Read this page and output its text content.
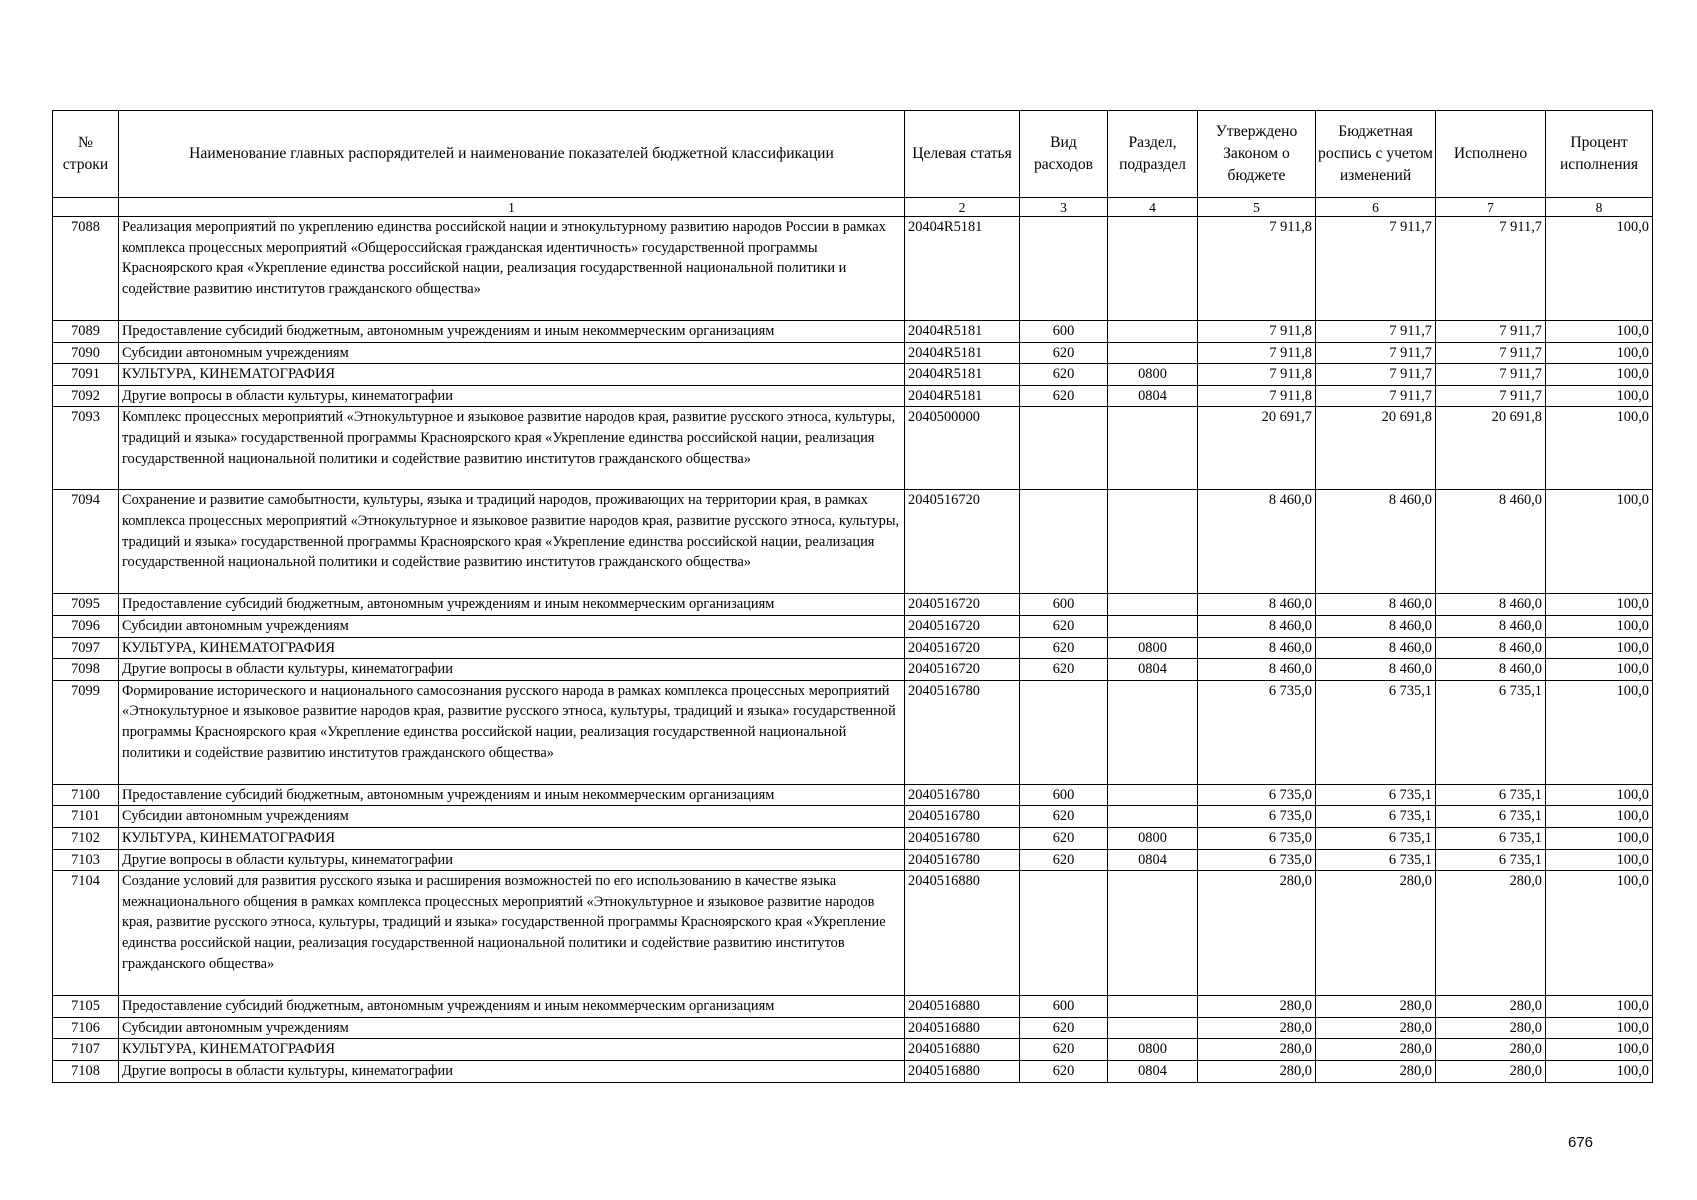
№ строки	Наименование главных распорядителей и наименование показателей бюджетной классификации	Целевая статья	Вид расходов	Раздел, подраздел	Утверждено Законом о бюджете	Бюджетная роспись с учетом изменений	Исполнено	Процент исполнения
	1	2	3	4	5	6	7	8
7088	Реализация мероприятий по укреплению единства российской нации и этнокультурному развитию народов России в рамках комплекса процессных мероприятий «Общероссийская гражданская идентичность» государственной программы Красноярского края «Укрепление единства российской нации, реализация государственной национальной политики и содействие развитию институтов гражданского общества»	20404R5181			7 911,8	7 911,7	7 911,7	100,0
7089	Предоставление субсидий бюджетным, автономным учреждениям и иным некоммерческим организациям	20404R5181	600		7 911,8	7 911,7	7 911,7	100,0
7090	Субсидии автономным учреждениям	20404R5181	620		7 911,8	7 911,7	7 911,7	100,0
7091	КУЛЬТУРА, КИНЕМАТОГРАФИЯ	20404R5181	620	0800	7 911,8	7 911,7	7 911,7	100,0
7092	Другие вопросы в области культуры, кинематографии	20404R5181	620	0804	7 911,8	7 911,7	7 911,7	100,0
7093	Комплекс процессных мероприятий «Этнокультурное и языковое развитие народов края, развитие русского этноса, культуры, традиций и языка» государственной программы Красноярского края «Укрепление единства российской нации, реализация государственной национальной политики и содействие развитию институтов гражданского общества»	2040500000			20 691,7	20 691,8	20 691,8	100,0
7094	Сохранение и развитие самобытности, культуры, языка и традиций народов, проживающих на территории края, в рамках комплекса процессных мероприятий «Этнокультурное и языковое развитие народов края, развитие русского этноса, культуры, традиций и языка» государственной программы Красноярского края «Укрепление единства российской нации, реализация государственной национальной политики и содействие развитию институтов гражданского общества»	2040516720			8 460,0	8 460,0	8 460,0	100,0
7095	Предоставление субсидий бюджетным, автономным учреждениям и иным некоммерческим организациям	2040516720	600		8 460,0	8 460,0	8 460,0	100,0
7096	Субсидии автономным учреждениям	2040516720	620		8 460,0	8 460,0	8 460,0	100,0
7097	КУЛЬТУРА, КИНЕМАТОГРАФИЯ	2040516720	620	0800	8 460,0	8 460,0	8 460,0	100,0
7098	Другие вопросы в области культуры, кинематографии	2040516720	620	0804	8 460,0	8 460,0	8 460,0	100,0
7099	Формирование исторического и национального самосознания русского народа в рамках комплекса процессных мероприятий «Этнокультурное и языковое развитие народов края, развитие русского этноса, культуры, традиций и языка» государственной программы Красноярского края «Укрепление единства российской нации, реализация государственной национальной политики и содействие развитию институтов гражданского общества»	2040516780			6 735,0	6 735,1	6 735,1	100,0
7100	Предоставление субсидий бюджетным, автономным учреждениям и иным некоммерческим организациям	2040516780	600		6 735,0	6 735,1	6 735,1	100,0
7101	Субсидии автономным учреждениям	2040516780	620		6 735,0	6 735,1	6 735,1	100,0
7102	КУЛЬТУРА, КИНЕМАТОГРАФИЯ	2040516780	620	0800	6 735,0	6 735,1	6 735,1	100,0
7103	Другие вопросы в области культуры, кинематографии	2040516780	620	0804	6 735,0	6 735,1	6 735,1	100,0
7104	Создание условий для развития русского языка и расширения возможностей по его использованию в качестве языка межнационального общения в рамках комплекса процессных мероприятий «Этнокультурное и языковое развитие народов края, развитие русского этноса, культуры, традиций и языка» государственной программы Красноярского края «Укрепление единства российской нации, реализация государственной национальной политики и содействие развитию институтов гражданского общества»	2040516880			280,0	280,0	280,0	100,0
7105	Предоставление субсидий бюджетным, автономным учреждениям и иным некоммерческим организациям	2040516880	600		280,0	280,0	280,0	100,0
7106	Субсидии автономным учреждениям	2040516880	620		280,0	280,0	280,0	100,0
7107	КУЛЬТУРА, КИНЕМАТОГРАФИЯ	2040516880	620	0800	280,0	280,0	280,0	100,0
7108	Другие вопросы в области культуры, кинематографии	2040516880	620	0804	280,0	280,0	280,0	100,0
676
